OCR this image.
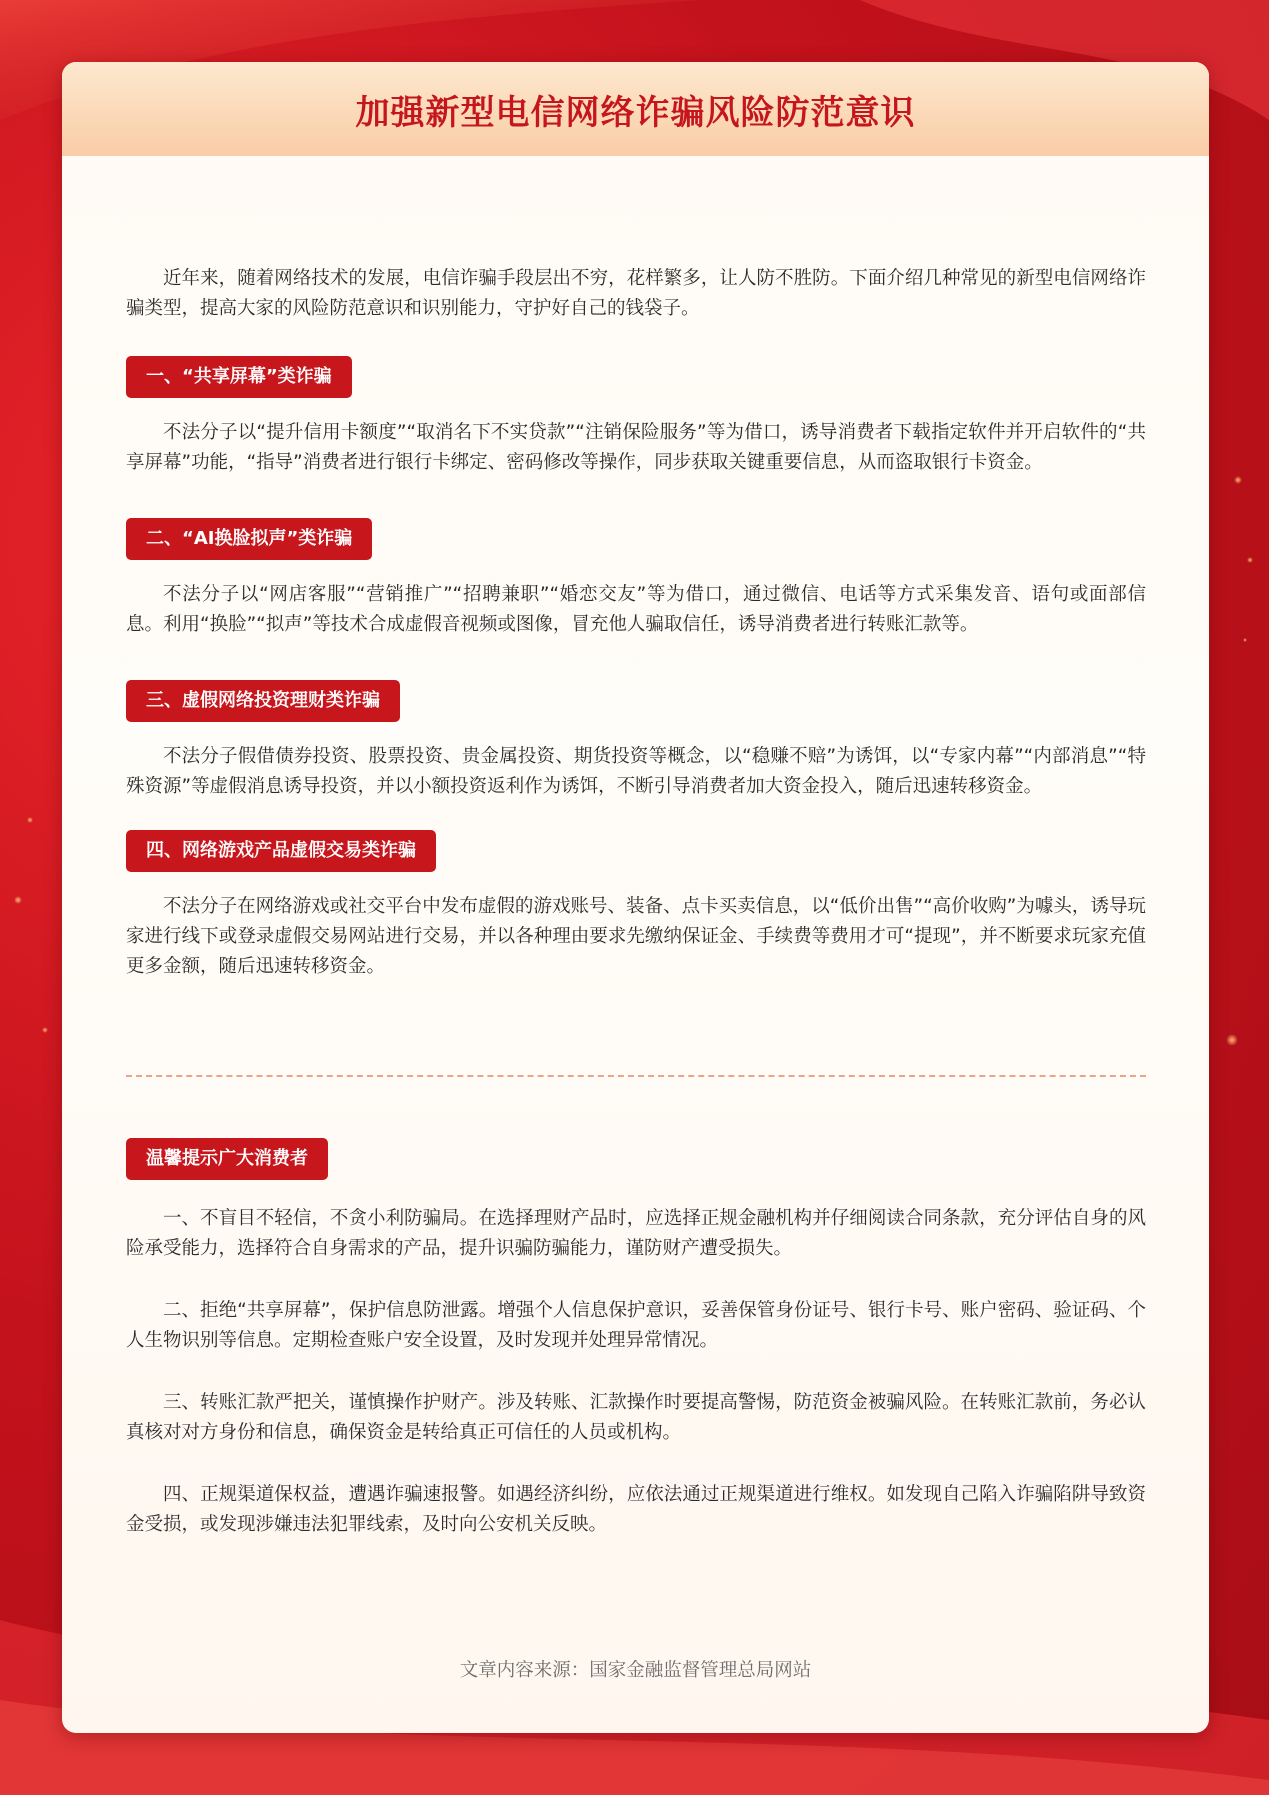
加强新型电信网络诈骗风险防范意识

近年来，随着网络技术的发展，电信诈骗手段层出不穷，花样繁多，让人防不胜防。下面介绍几种常见的新型电信网络诈骗类型，提高大家的风险防范意识和识别能力，守护好自己的钱袋子。

一、“共享屏幕”类诈骗

不法分子以“提升信用卡额度”“取消名下不实贷款”“注销保险服务”等为借口，诱导消费者下载指定软件并开启软件的“共享屏幕”功能，“指导”消费者进行银行卡绑定、密码修改等操作，同步获取关键重要信息，从而盗取银行卡资金。

二、“AI换脸拟声”类诈骗

不法分子以“网店客服”“营销推广”“招聘兼职”“婚恋交友”等为借口，通过微信、电话等方式采集发音、语句或面部信息。利用“换脸”“拟声”等技术合成虚假音视频或图像，冒充他人骗取信任，诱导消费者进行转账汇款等。

三、虚假网络投资理财类诈骗

不法分子假借债券投资、股票投资、贵金属投资、期货投资等概念，以“稳赚不赔”为诱饵，以“专家内幕”“内部消息”“特殊资源”等虚假消息诱导投资，并以小额投资返利作为诱饵，不断引导消费者加大资金投入，随后迅速转移资金。

四、网络游戏产品虚假交易类诈骗

不法分子在网络游戏或社交平台中发布虚假的游戏账号、装备、点卡买卖信息，以“低价出售”“高价收购”为噱头，诱导玩家进行线下或登录虚假交易网站进行交易，并以各种理由要求先缴纳保证金、手续费等费用才可“提现”，并不断要求玩家充值更多金额，随后迅速转移资金。

温馨提示广大消费者

一、不盲目不轻信，不贪小利防骗局。在选择理财产品时，应选择正规金融机构并仔细阅读合同条款，充分评估自身的风险承受能力，选择符合自身需求的产品，提升识骗防骗能力，谨防财产遭受损失。

二、拒绝“共享屏幕”，保护信息防泄露。增强个人信息保护意识，妥善保管身份证号、银行卡号、账户密码、验证码、个人生物识别等信息。定期检查账户安全设置，及时发现并处理异常情况。

三、转账汇款严把关，谨慎操作护财产。涉及转账、汇款操作时要提高警惕，防范资金被骗风险。在转账汇款前，务必认真核对对方身份和信息，确保资金是转给真正可信任的人员或机构。

四、正规渠道保权益，遭遇诈骗速报警。如遇经济纠纷，应依法通过正规渠道进行维权。如发现自己陷入诈骗陷阱导致资金受损，或发现涉嫌违法犯罪线索，及时向公安机关反映。

文章内容来源：国家金融监督管理总局网站
